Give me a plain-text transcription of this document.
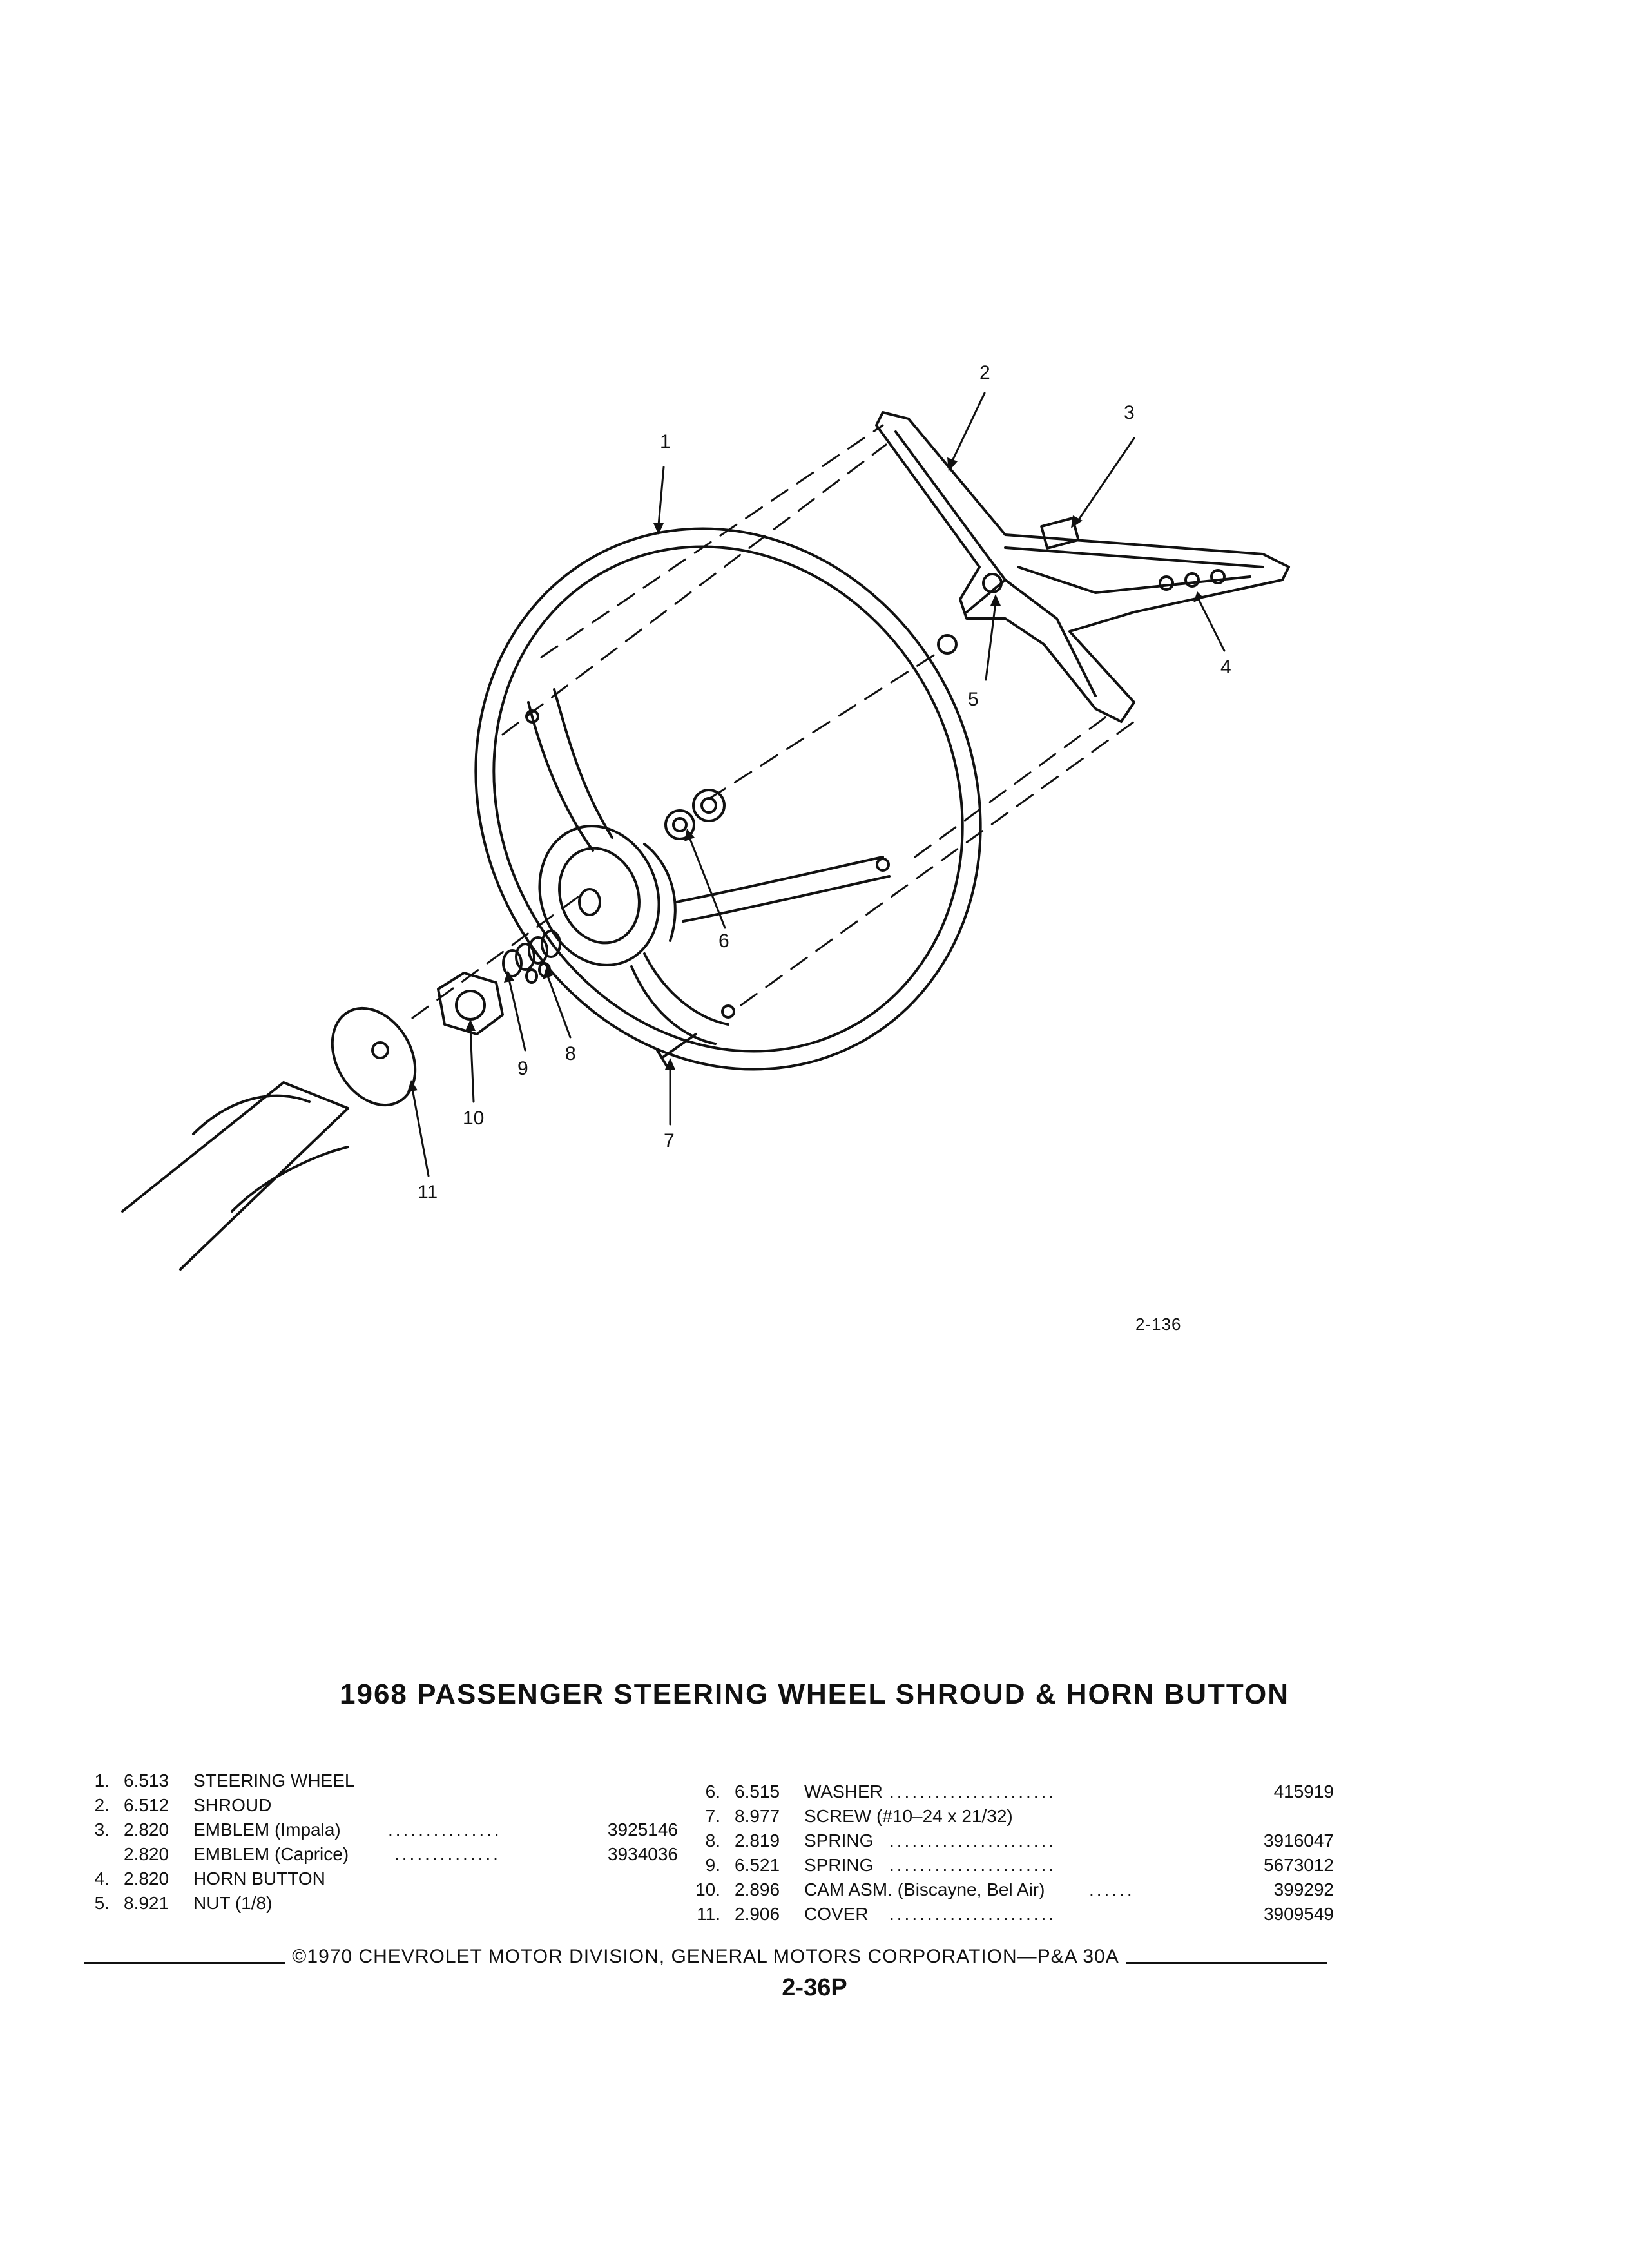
1
2
3
4
5
6
7
8
9
10
11
2-136
1968 PASSENGER STEERING WHEEL SHROUD & HORN BUTTON
1. 6.513 STEERING WHEEL
2. 6.512 SHROUD
3. 2.820 EMBLEM (Impala)	...............	3925146
2.820 EMBLEM (Caprice)	..............	3934036
4. 2.820 HORN BUTTON
5. 8.921 NUT (1/8)
6. 6.515 WASHER ......................	415919
7. 8.977 SCREW (#10–24 x 21/32)
8. 2.819 SPRING ......................	3916047
9. 6.521 SPRING ......................	5673012
10. 2.896 CAM ASM. (Biscayne, Bel Air) ......	399292
11. 2.906 COVER ......................	3909549
©1970 CHEVROLET MOTOR DIVISION, GENERAL MOTORS CORPORATION—P&A 30A
2-36P
